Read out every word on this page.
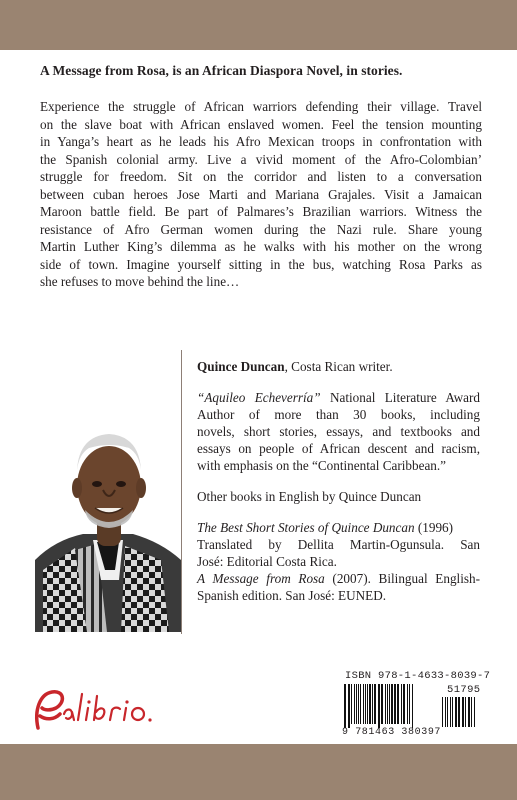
A Message from Rosa, is an African Diaspora Novel, in stories.
Experience the struggle of African warriors defending their village. Travel
on the slave boat with African enslaved women. Feel the tension mounting
in Yanga’s heart as he leads his Afro Mexican troops in confrontation with
the Spanish colonial army. Live a vivid moment of the Afro-Colombian’
struggle for freedom. Sit on the corridor and listen to a conversation
between cuban heroes Jose Marti and Mariana Grajales. Visit a Jamaican
Maroon battle field. Be part of Palmares’s Brazilian warriors. Witness the
resistance of Afro German women during the Nazi rule. Share young
Martin Luther King’s dilemma as he walks with his mother on the wrong
side of town. Imagine yourself sitting in the bus, watching Rosa Parks as
she refuses to move behind the line…

Quince Duncan, Costa Rican writer.

“Aquileo Echeverría” National Literature Award
Author of more than 30 books, including
novels, short stories, essays, and textbooks and
essays on people of African descent and racism,
with emphasis on the “Continental Caribbean.”

Other books in English by Quince Duncan

The Best Short Stories of Quince Duncan (1996)
Translated by Dellita Martin-Ogunsula. San
José: Editorial Costa Rica.
A Message from Rosa (2007). Bilingual English-
Spanish edition. San José: EUNED.

ISBN 978-1-4633-8039-7
51795
9 781463 380397
